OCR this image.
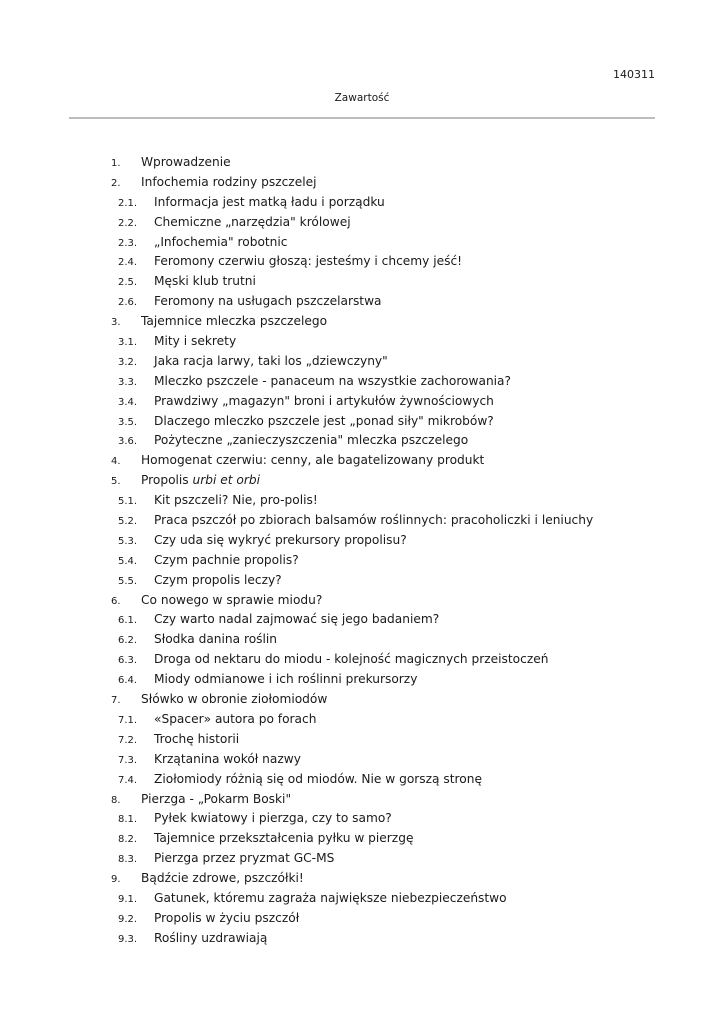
140311
Zawartość
1. Wprowadzenie
2. Infochemia rodziny pszczelej
2.1. Informacja jest matką ładu i porządku
2.2. Chemiczne „narzędzia" królowej
2.3. „Infochemia" robotnic
2.4. Feromony czerwiu głoszą: jesteśmy i chcemy jeść!
2.5. Męski klub trutni
2.6. Feromony na usługach pszczelarstwa
3. Tajemnice mleczka pszczelego
3.1. Mity i sekrety
3.2. Jaka racja larwy, taki los „dziewczyny"
3.3. Mleczko pszczele - panaceum na wszystkie zachorowania?
3.4. Prawdziwy „magazyn" broni i artykułów żywnościowych
3.5. Dlaczego mleczko pszczele jest „ponad siły" mikrobów?
3.6. Pożyteczne „zanieczyszczenia" mleczka pszczelego
4. Homogenat czerwiu: cenny, ale bagatelizowany produkt
5. Propolis urbi et orbi
5.1. Kit pszczeli? Nie, pro-polis!
5.2. Praca pszczół po zbiorach balsamów roślinnych: pracoholiczki i leniuchy
5.3. Czy uda się wykryć prekursory propolisu?
5.4. Czym pachnie propolis?
5.5. Czym propolis leczy?
6. Co nowego w sprawie miodu?
6.1. Czy warto nadal zajmować się jego badaniem?
6.2. Słodka danina roślin
6.3. Droga od nektaru do miodu - kolejność magicznych przeistoczeń
6.4. Miody odmianowe i ich roślinni prekursorzy
7. Słówko w obronie ziołomiodów
7.1. «Spacer» autora po forach
7.2. Trochę historii
7.3. Krzątanina wokół nazwy
7.4. Ziołomiody różnią się od miodów. Nie w gorszą stronę
8. Pierzga - „Pokarm Boski"
8.1. Pyłek kwiatowy i pierzga, czy to samo?
8.2. Tajemnice przekształcenia pyłku w pierzgę
8.3. Pierzga przez pryzmat GC-MS
9. Bądźcie zdrowe, pszczółki!
9.1. Gatunek, któremu zagraża największe niebezpieczeństwo
9.2. Propolis w życiu pszczół
9.3. Rośliny uzdrawiają
